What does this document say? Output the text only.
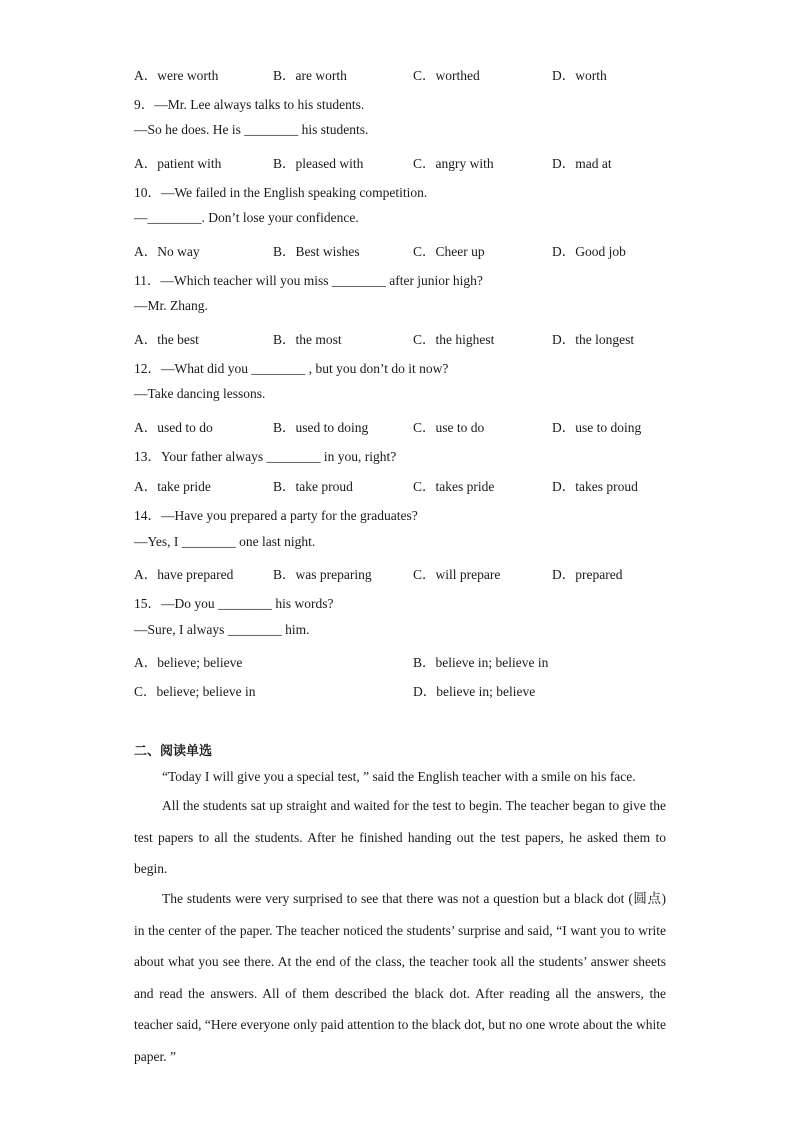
A．were worth	B．are worth	C．worthed	D．worth
9．—Mr. Lee always talks to his students.
—So he does. He is ________ his students.
A．patient with	B．pleased with	C．angry with	D．mad at
10．—We failed in the English speaking competition.
—________. Don’t lose your confidence.
A．No way	B．Best wishes	C．Cheer up	D．Good job
11．—Which teacher will you miss ________ after junior high?
—Mr. Zhang.
A．the best	B．the most	C．the highest	D．the longest
12．—What did you ________ , but you don’t do it now?
—Take dancing lessons.
A．used to do	B．used to doing	C．use to do	D．use to doing
13．Your father always ________ in you, right?
A．take pride	B．take proud	C．takes pride	D．takes proud
14．—Have you prepared a party for the graduates?
—Yes, I ________ one last night.
A．have prepared	B．was preparing	C．will prepare	D．prepared
15．—Do you ________ his words?
—Sure, I always ________ him.
A．believe; believe	B．believe in; believe in
C．believe; believe in	D．believe in; believe
二、阅读单选
“Today I will give you a special test, ” said the English teacher with a smile on his face.
All the students sat up straight and waited for the test to begin. The teacher began to give the test papers to all the students. After he finished handing out the test papers, he asked them to begin.
The students were very surprised to see that there was not a question but a black dot (圆点) in the center of the paper. The teacher noticed the students’ surprise and said, “I want you to write about what you see there. At the end of the class, the teacher took all the students’ answer sheets and read the answers. All of them described the black dot. After reading all the answers, the teacher said, “Here everyone only paid attention to the black dot, but no one wrote about the white paper. ”
